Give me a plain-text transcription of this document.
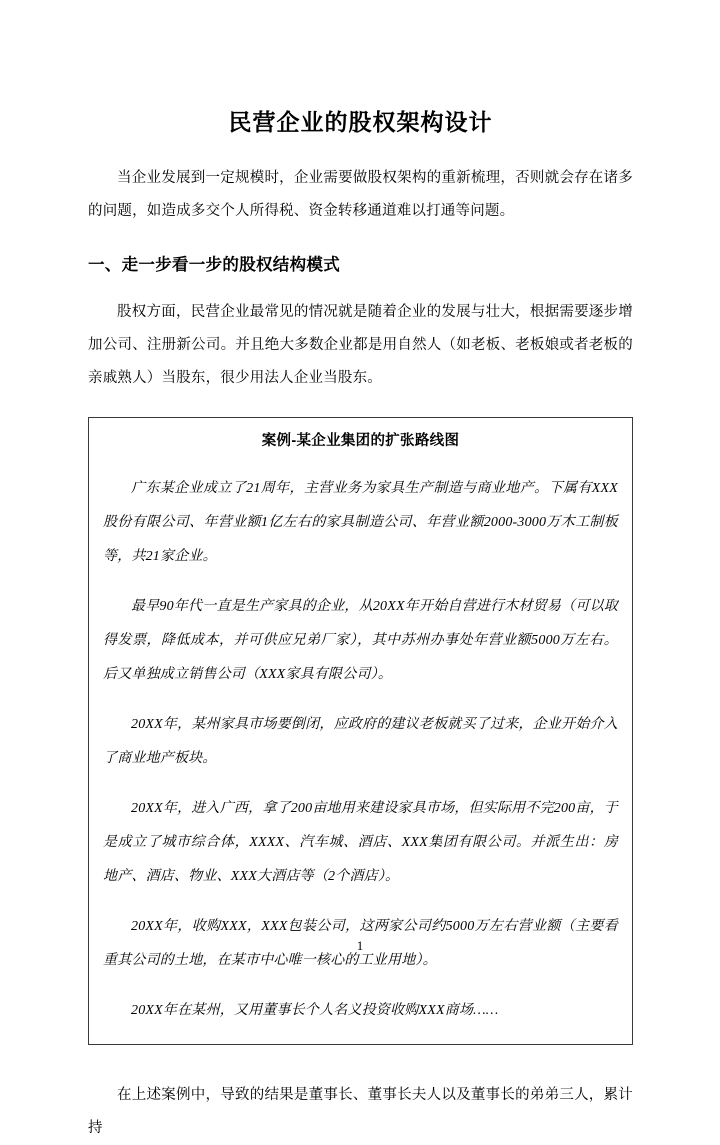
民营企业的股权架构设计

当企业发展到一定规模时，企业需要做股权架构的重新梳理，否则就会存在诸多的问题，如造成多交个人所得税、资金转移通道难以打通等问题。

一、走一步看一步的股权结构模式

股权方面，民营企业最常见的情况就是随着企业的发展与壮大，根据需要逐步增加公司、注册新公司。并且绝大多数企业都是用自然人（如老板、老板娘或者老板的亲戚熟人）当股东，很少用法人企业当股东。

案例-某企业集团的扩张路线图

广东某企业成立了21周年，主营业务为家具生产制造与商业地产。下属有XXX股份有限公司、年营业额1亿左右的家具制造公司、年营业额2000-3000万木工制板等，共21家企业。

最早90年代一直是生产家具的企业，从20XX年开始自营进行木材贸易（可以取得发票，降低成本，并可供应兄弟厂家），其中苏州办事处年营业额5000万左右。后又单独成立销售公司（XXX家具有限公司）。

20XX年，某州家具市场要倒闭，应政府的建议老板就买了过来，企业开始介入了商业地产板块。

20XX年，进入广西，拿了200亩地用来建设家具市场，但实际用不完200亩，于是成立了城市综合体，XXXX、汽车城、酒店、XXX集团有限公司。并派生出：房地产、酒店、物业、XXX大酒店等（2个酒店）。

20XX年，收购XXX，XXX包装公司，这两家公司约5000万左右营业额（主要看重其公司的土地，在某市中心唯一核心的工业用地）。

20XX年在某州，又用董事长个人名义投资收购XXX商场……

在上述案例中，导致的结果是董事长、董事长夫人以及董事长的弟弟三人，累计持

1
